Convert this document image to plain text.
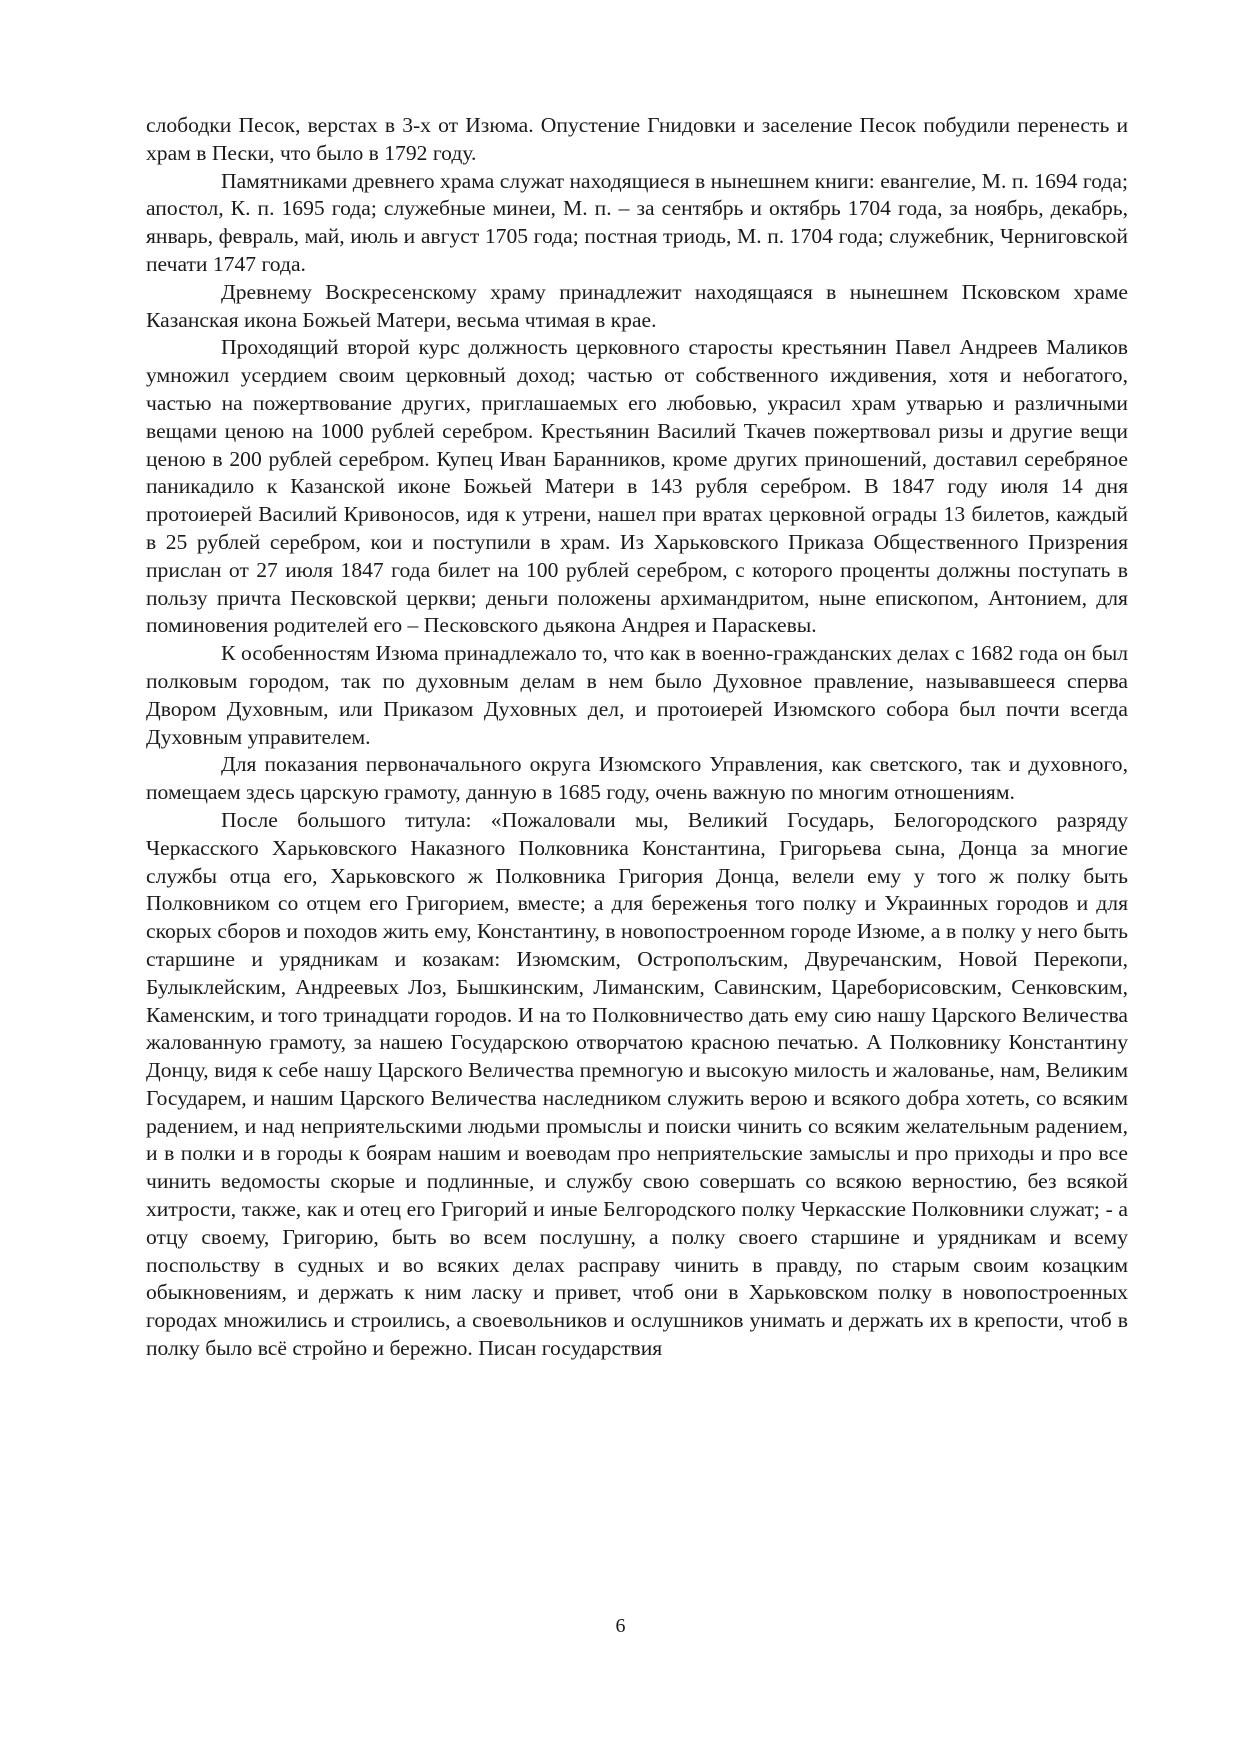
слободки Песок, верстах в 3-х от Изюма. Опустение Гнидовки и заселение Песок побудили перенесть и храм в Пески, что было в 1792 году.

Памятниками древнего храма служат находящиеся в нынешнем книги: евангелие, М. п. 1694 года; апостол, К. п. 1695 года; служебные минеи, М. п. – за сентябрь и октябрь 1704 года, за ноябрь, декабрь, январь, февраль, май, июль и август 1705 года; постная триодь, М. п. 1704 года; служебник, Черниговской печати 1747 года.

Древнему Воскресенскому храму принадлежит находящаяся в нынешнем Псковском храме Казанская икона Божьей Матери, весьма чтимая в крае.

Проходящий второй курс должность церковного старосты крестьянин Павел Андреев Маликов умножил усердием своим церковный доход; частью от собственного иждивения, хотя и небогатого, частью на пожертвование других, приглашаемых его любовью, украсил храм утварью и различными вещами ценою на 1000 рублей серебром. Крестьянин Василий Ткачев пожертвовал ризы и другие вещи ценою в 200 рублей серебром. Купец Иван Баранников, кроме других приношений, доставил серебряное паникадило к Казанской иконе Божьей Матери в 143 рубля серебром. В 1847 году июля 14 дня протоиерей Василий Кривоносов, идя к утрени, нашел при вратах церковной ограды 13 билетов, каждый в 25 рублей серебром, кои и поступили в храм. Из Харьковского Приказа Общественного Призрения прислан от 27 июля 1847 года билет на 100 рублей серебром, с которого проценты должны поступать в пользу причта Песковской церкви; деньги положены архимандритом, ныне епископом, Антонием, для поминовения родителей его – Песковского дьякона Андрея и Параскевы.

К особенностям Изюма принадлежало то, что как в военно-гражданских делах с 1682 года он был полковым городом, так по духовным делам в нем было Духовное правление, называвшееся сперва Двором Духовным, или Приказом Духовных дел, и протоиерей Изюмского собора был почти всегда Духовным управителем.

Для показания первоначального округа Изюмского Управления, как светского, так и духовного, помещаем здесь царскую грамоту, данную в 1685 году, очень важную по многим отношениям.

После большого титула: «Пожаловали мы, Великий Государь, Белогородского разряду Черкасского Харьковского Наказного Полковника Константина, Григорьева сына, Донца за многие службы отца его, Харьковского ж Полковника Григория Донца, велели ему у того ж полку быть Полковником со отцем его Григорием, вместе; а для береженья того полку и Украинных городов и для скорых сборов и походов жить ему, Константину, в новопостроенном городе Изюме, а в полку у него быть старшине и урядникам и козакам: Изюмским, Острополъским, Двуречанским, Новой Перекопи, Булыклейским, Андреевых Лоз, Бышкинским, Лиманским, Савинским, Цареборисовским, Сенковским, Каменским, и того тринадцати городов. И на то Полковничество дать ему сию нашу Царского Величества жалованную грамоту, за нашею Государскою отворчатою красною печатью. А Полковнику Константину Донцу, видя к себе нашу Царского Величества премногую и высокую милость и жалованье, нам, Великим Государем, и нашим Царского Величества наследником служить верою и всякого добра хотеть, со всяким радением, и над неприятельскими людьми промыслы и поиски чинить со всяким желательным радением, и в полки и в городы к боярам нашим и воеводам про неприятельские замыслы и про приходы и про все чинить ведомосты скорые и подлинные, и службу свою совершать со всякою верностию, без всякой хитрости, также, как и отец его Григорий и иные Белгородского полку Черкасские Полковники служат; - а отцу своему, Григорию, быть во всем послушну, а полку своего старшине и урядникам и всему поспольству в судных и во всяких делах расправу чинить в правду, по старым своим козацким обыкновениям, и держать к ним ласку и привет, чтоб они в Харьковском полку в новопостроенных городах множились и строились, а своевольников и ослушников унимать и держать их в крепости, чтоб в полку было всё стройно и бережно. Писан государствия

6
